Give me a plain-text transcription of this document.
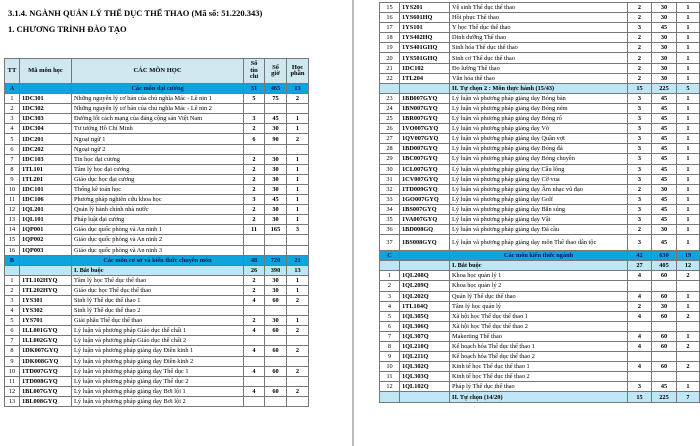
3.1.4. NGÀNH QUẢN LÝ THỂ DỤC THỂ THAO (Mã số: 51.220.343)
1. CHƯƠNG TRÌNH ĐÀO TẠO
TT	Mã môn học	CÁC MÔN HỌC	Số tín chỉ	Số giờ	Học phần
A		Các môn đại cương	31	465	13
1	1DC301	Những nguyên lý cơ bản của chủ nghĩa Mác - Lê nin 1	5	75	2
2	1DC302	Những nguyên lý cơ bản của chủ nghĩa Mác - Lê nin 2			
3	1DC303	Đường lối cách mạng của đảng cộng sản Việt Nam	3	45	1
4	1DC304	Tư tưởng Hồ Chí Minh	2	30	1
5	1DC201	Ngoại ngữ 1	6	90	2
6	1DC202	Ngoại ngữ 2			
7	1DC103	Tin học đại cương	2	30	1
8	1TL101	Tâm lý học đại cương	2	30	1
9	1TL201	Giáo dục học đại cương	2	30	1
10	1DC101	Thống kê toán học	2	30	1
11	1DC106	Phương pháp nghiên cứu khoa học	3	45	1
12	1QL201	Quản lý hành chính nhà nước	2	30	1
13	1QL101	Pháp luật đại cương	2	30	1
14	1QP001	Giáo dục quốc phòng và An ninh 1	11	165	3
15	1QP002	Giáo dục quốc phòng và An ninh 2			
16	1QP003	Giáo dục quốc phòng và An ninh 3			
B		Các môn cơ sở và kiến thức chuyên môn	48	720	21
		I. Bắt buộc	26	390	13
1	1TL102HYQ	Tâm lý học Thể dục thể thao	2	30	1
2	1TL202HYQ	Giáo dục học Thể dục thể thao	2	30	1
3	1YS301	Sinh lý Thể dục thể thao 1	4	60	2
4	1YS302	Sinh lý Thể dục thể thao 2			
5	1YS701	Giải phẫu Thể dục thể thao	2	30	1
6	1LL001GYQ	Lý luận và phương pháp Giáo dục thể chất 1	4	60	2
7	1LL002GYQ	Lý luận và phương pháp Giáo dục thể chất 2			
8	1DK007GYQ	Lý luận và phương pháp giảng dạy Điền kinh 1	4	60	2
9	1DK008GYQ	Lý luận và phương pháp giảng dạy Điền kinh 2			
10	1TD007GYQ	Lý luận và phương pháp giảng dạy Thể dục 1	4	60	2
11	1TD008GYQ	Lý luận và phương pháp giảng dạy Thể dục 2			
12	1BL007GYQ	Lý luận và phương pháp giảng dạy Bơi lội 1	4	60	2
13	1BL008GYQ	Lý luận và phương pháp giảng dạy Bơi lội 2			
15	1YS201	Vệ sinh Thể dục thể thao	2	30	1
16	1YS601HQ	Hồi phục Thể thao	2	30	1
17	1YS101	Y học Thể dục thể thao	3	45	1
18	1YS402HQ	Dinh dưỡng Thể thao	2	30	1
19	1YS401GHQ	Sinh hóa Thể dục thể thao	2	30	1
20	1YS501GHQ	Sinh cơ Thể dục thể thao	2	30	1
21	1DC102	Đo lường Thể thao	2	30	1
22	1TL204	Văn hóa thể thao	2	30	1
		II. Tự chọn 2 : Môn thực hành (15/43)	15	225	5
23	1BB007GYQ	Lý luận và phương pháp giảng dạy Bóng bàn	3	45	1
24	1BN007GYQ	Lý luận và phương pháp giảng dạy Bóng ném	3	45	1
25	1BR007GYQ	Lý luận và phương pháp giảng dạy Bóng rổ	3	45	1
26	1VO007GYQ	Lý luận và phương pháp giảng dạy Võ	3	45	1
27	1QV007GYQ	Lý luận và phương pháp giảng dạy Quần vợt	3	45	1
28	1BD007GYQ	Lý luận và phương pháp giảng dạy Bóng đá	3	45	1
29	1BC007GYQ	Lý luận và phương pháp giảng dạy Bóng chuyền	3	45	1
30	1CL007GYQ	Lý luận và phương pháp giảng dạy Cầu lông	3	45	1
31	1CV007GYQ	Lý luận và phương pháp giảng dạy Cờ vua	3	45	1
32	1TD009GYQ	Lý luận và phương pháp giảng dạy Âm nhạc vũ đạo	2	30	1
33	1GO007GYQ	Lý luận và phương pháp giảng dạy Golf	3	45	1
34	1BS007GYQ	Lý luận và phương pháp giảng dạy Bắn súng	3	45	1
35	1VA007GYQ	Lý luận và phương pháp giảng dạy Vật	3	45	1
36	1BD008GQ	Lý luận và phương pháp giảng dạy Đá cầu	2	30	1
37	1BS008GYQ	Lý luận và phương pháp giảng dạy môn Thể thao dân tộc	3	45	1
C		Các môn kiến thức ngành	42	630	19
		I. Bắt buộc	27	405	12
1	1QL208Q	Khoa học quản lý 1	4	60	2
2	1QL209Q	Khoa học quản lý 2			
3	1QL202Q	Quản lý Thể dục thể thao	4	60	1
4	1TL104Q	Tâm lý học quản lý	2	30	1
5	1QL305Q	Xã hội học Thể dục thể thao 1	4	60	2
6	1QL306Q	Xã hội học Thể dục thể thao 2			
7	1QL307Q	Makerting Thể thao	4	60	1
8	1QL210Q	Kế hoạch hóa Thể dục thể thao 1	4	60	2
9	1QL211Q	Kế hoạch hóa Thể dục thể thao 2			
10	1QL302Q	Kinh tế học Thể dục thể thao 1	4	60	2
11	1QL303Q	Kinh tế học Thể dục thể thao 2			
12	1QL102Q	Pháp lý Thể dục thể thao	3	45	1
		II. Tự chọn (14/20)	15	225	7
